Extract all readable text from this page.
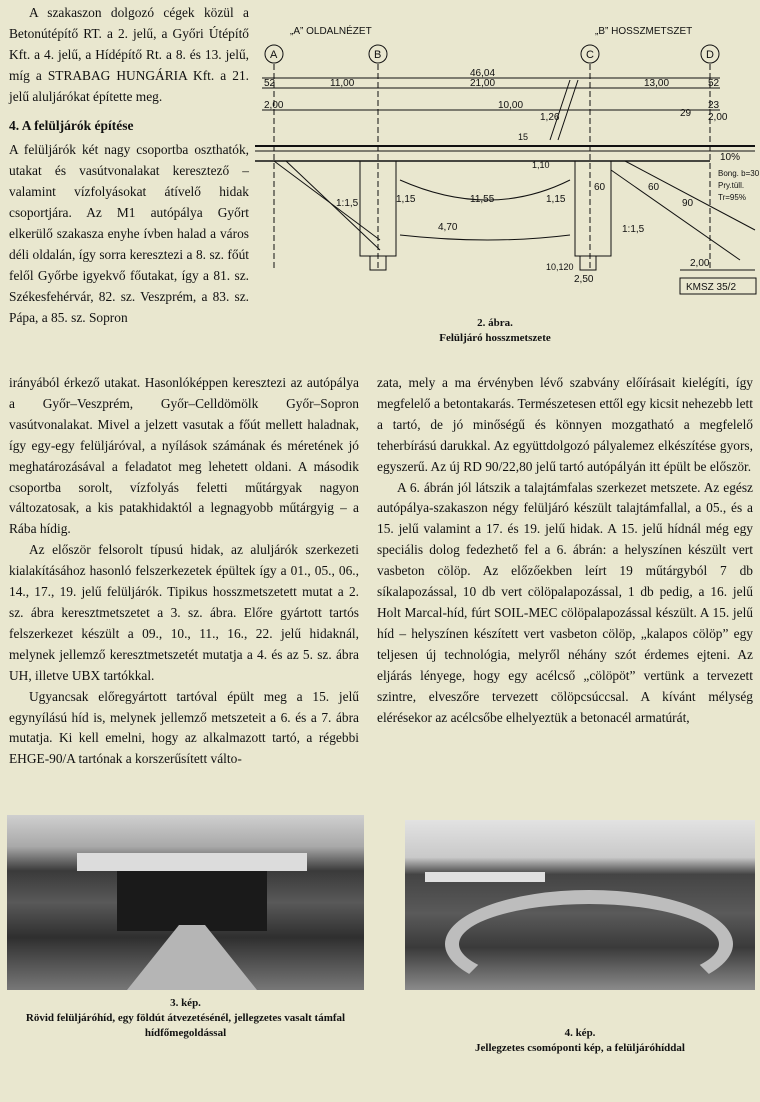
A szakaszon dolgozó cégek közül a Betonútépítő RT. a 2. jelű, a Győri Útépítő Kft. a 4. jelű, a Hídépítő Rt. a 8. és 13. jelű, míg a STRABAG HUNGÁRIA Kft. a 21. jelű aluljárókat építette meg.

4. A felüljárók építése

A felüljárók két nagy csoportba oszthatók, utakat és vasútvonalakat keresztező – valamint vízfolyásokat átívelő hidak csoportjára. Az M1 autópálya Győrt elkerülő szakasza enyhe ívben halad a város déli oldalán, így sorra keresztezi a 8. sz. főút felől Győrbe igyekvő főutakat, így a 81. sz. Székesfehérvár, 82. sz. Veszprém, a 83. sz. Pápa, a 85. sz. Sopron

irányából érkező utakat. Hasonlóképpen keresztezi az autópálya a Győr–Veszprém, Győr–Celldömölk Győr–Sopron vasútvonalakat. Mivel a jelzett vasutak a főút mellett haladnak, így egy-egy felüljáróval, a nyílások számának és méretének jó meghatározásával a feladatot meg lehetett oldani. A második csoportba sorolt, vízfolyás feletti műtárgyak nagyon változatosak, a kis patakhidaktól a legnagyobb műtárgyig – a Rába hídig.

Az először felsorolt típusú hidak, az aluljárók szerkezeti kialakításához hasonló felszerkezetek épültek így a 01., 05., 06., 14., 17., 19. jelű felüljárók. Tipikus hosszmetszetett mutat a 2. sz. ábra keresztmetszetet a 3. sz. ábra. Előre gyártott tartós felszerkezet készült a 09., 10., 11., 16., 22. jelű hidaknál, melynek jellemző keresztmetszetét mutatja a 4. és az 5. sz. ábra UH, illetve UBX tartókkal.

Ugyancsak előregyártott tartóval épült meg a 15. jelű egynyílású híd is, melynek jellemző metszeteit a 6. és a 7. ábra mutatja. Ki kell emelni, hogy az alkalmazott tartó, a régebbi EHGE-90/A tartónak a korszerűsített válto-

zata, mely a ma érvényben lévő szabvány előírásait kielégíti, így megfelelő a betontakarás. Természetesen ettől egy kicsit nehezebb lett a tartó, de jó minőségű és könnyen mozgatható a megfelelő teherbírású darukkal. Az együttdolgozó pályalemez elkészítése gyors, egyszerű. Az új RD 90/22,80 jelű tartó autópályán itt épült be először.

A 6. ábrán jól látszik a talajtámfalas szerkezet metszete. Az egész autópálya-szakaszon négy felüljáró készült talajtámfallal, a 05., és a 15. jelű valamint a 17. és 19. jelű hidak. A 15. jelű hídnál még egy speciális dolog fedezhető fel a 6. ábrán: a helyszínen készült vert vasbeton cölöp. Az előzőekben leírt 19 műtárgyból 7 db síkalapozással, 10 db vert cölöpalapozással, 1 db pedig, a 16. jelű Holt Marcal-híd, fúrt SOIL-MEC cölöpalapozással készült. A 15. jelű híd – helyszínen készített vert vasbeton cölöp, „kalapos cölöp” egy teljesen új technológia, melyről néhány szót érdemes ejteni. Az eljárás lényege, hogy egy acélcső „cölöpöt” vertünk a tervezett szintre, elveszőre tervezett cölöpcsúccsal. A kívánt mélység elérésekor az acélcsőbe elhelyeztük a betonacél armatúrát,

„A” OLDALNÉZET	„B” HOSSZMETSZET
A	B	C	D
52	11,00
46,04
21,00	13,00	52
2,00	10,00
1,26	29
23
2,00
15
1,10
1:1,5	1,15	11,55	1,15
4,70
60	60
1:1,5
90
10,120
2,50
2,00
10%
Bong. b=30
Pry.tüll.
Tr=95%
KMSZ 35/2
2. ábra.
Felüljáró hosszmetszete
3. kép.
Rövid felüljáróhíd, egy földút átvezetésénél, jellegzetes vasalt támfal hídfőmegoldással	4. kép.
Jellegzetes csomóponti kép, a felüljáróhíddal
